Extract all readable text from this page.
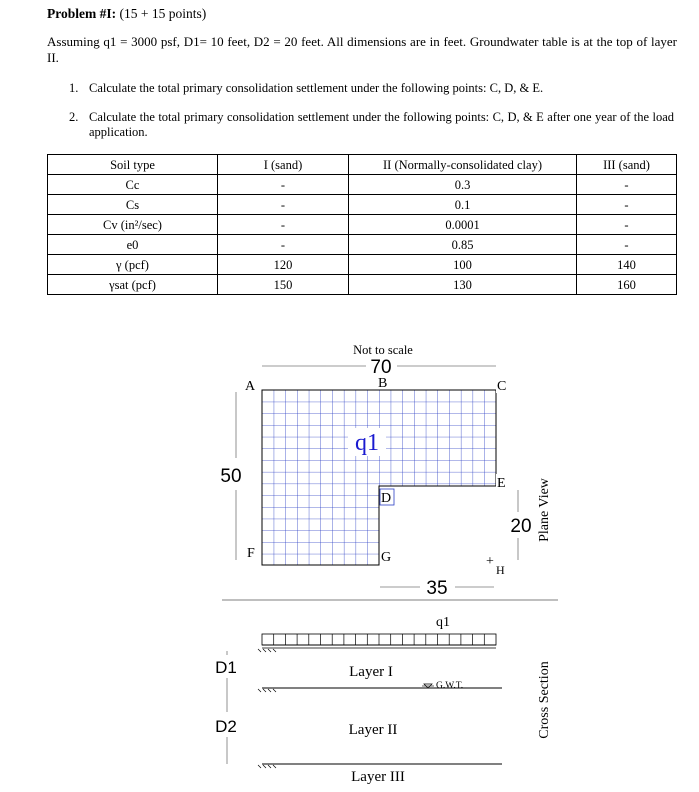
Problem #I: (15 + 15 points)
Assuming q1 = 3000 psf, D1= 10 feet, D2 = 20 feet. All dimensions are in feet. Groundwater table is at the top of layer II.
1. Calculate the total primary consolidation settlement under the following points: C, D, & E.
2. Calculate the total primary consolidation settlement under the following points: C, D, & E after one year of the load application.
Soil type	I (sand)	II (Normally-consolidated clay)	III (sand)
Cc	-	0.3	-
Cs	-	0.1	-
Cv (in²/sec)	-	0.0001	-
e0	-	0.85	-
γ (pcf)	120	100	140
γsat (pcf)	150	130	160
q1
Not to scale
70
50
20
35
A	B	C
D
E
F	G	+
H
Plane View
q1
G.W.T.
D1
D2
Layer I
Layer II
Layer III
Cross Section
